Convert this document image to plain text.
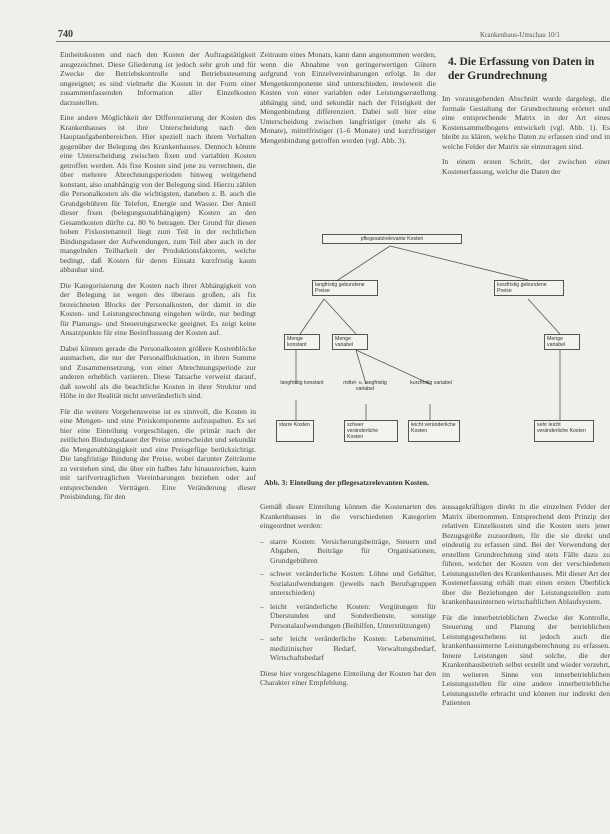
740	Krankenhaus-Umschau 10/1

Einheitskosten und nach den Kosten der Auftragstätigkeit ausgezeichnet. Diese Gliederung ist jedoch sehr grob und für Zwecke der Betriebskontrolle und Betriebssteuerung ungeeignet; es sind vielmehr die Kosten in der Form einer zusammenfassenden Information aller Einzelkosten darzustellen.

Eine andere Möglichkeit der Differenzierung der Kosten des Krankenhauses ist ihre Unterscheidung nach den Hauptaufgabenbereichen. Hier speziell nach ihrem Verhalten gegenüber der Belegung des Krankenhauses. Dennoch könnte eine Unterscheidung zwischen fixen und variablen Kosten getroffen werden. Als fixe Kosten sind jene zu verrechnen, die über mehrere Abrechnungsperioden hinweg weitgehend konstant, also unabhängig von der Belegung sind. Hierzu zählen die Personalkosten als die wichtigsten, daneben z. B. auch die Grundgebühren für Telefon, Energie und Wasser. Der Anteil dieser fixen (belegungsunabhängigen) Kosten an den Gesamtkosten dürfte ca. 80 % betragen. Der Grund für diesen hohen Fixkostenanteil liegt zum Teil in der rechtlichen Bindungsdauer der Aufwendungen, zum Teil aber auch in der mangelnden Teilbarkeit der Produktionsfaktoren, welche bedingt, daß Kosten für deren Einsatz kurzfristig kaum abbaubar sind.

Die Kategorisierung der Kosten nach ihrer Abhängigkeit von der Belegung ist wegen des überaus großen, als fix bezeichneten Blocks der Personalkosten, der damit in die Kosten- und Leistungsrechnung eingehen würde, nur bedingt für Planungs- und Steuerungszwecke geeignet. Es zeigt keine Ansatzpunkte für eine Beeinflussung der Kosten auf.

Dabei können gerade die Personalkosten größere Kostenblöcke ausmachen, die nur der Personalfluktuation, in ihren Summe und Zusammensetzung, von einer Abrechnungsperiode zur anderen erheblich variieren. Diese Tatsache verweist darauf, daß sowohl als die beachtliche Kosten in ihrer Struktur und Höhe in der Realität nicht unveränderlich sind.

Für die weitere Vorgehensweise ist es sinnvoll, die Kosten in eine Mengen- und eine Preiskomponente aufzuspalten. Es sei hier eine Einteilung vorgeschlagen, die primär nach der zeitlichen Bindungsdauer der Preise unterscheidet und sekundär die Mengenabhängigkeit und eine Preisgefüge berücksichtigt. Die langfristige Bindung der Preise, wobei darunter Zeiträume zu verstehen sind, die über ein halbes Jahr hinausreichen, kann mit tarifvertraglichen Vereinbarungen beziehen oder auf entsprechenden Verträgen. Eine Veränderung dieser Preisbindung, für den

Zeitraum eines Monats, kann dann angenommen werden, wenn die Abnahme von geringerwertigen Gütern aufgrund von Einzelvereinbarungen erfolgt. In der Mengenkomponente sind unterschieden, inwieweit die Kosten von einer variablen oder Leistungserstellung abhängig sind, und sekundär nach der Fristigkeit der Mengenbindung differenziert. Dabei soll hier eine Unterscheidung zwischen langfristiger (mehr als 6 Monate), mittelfristiger (1–6 Monate) und kurzfristiger Mengenbindung getroffen werden (vgl. Abb. 3).

4. Die Erfassung von Daten in der Grundrechnung

Im vorausgehenden Abschnitt wurde dargelegt, die formale Gestaltung der Grundrechnung erörtert und eine entsprechende Matrix in der Art eines Kostensammelbogens entwickelt (vgl. Abb. 1). Es bleibt zu klären, welche Daten zu erfassen sind und in welche Felder der Matrix sie einzutragen sind.

In einem ersten Schritt, der zwischen einer Kostenerfassung, welche die Daten der

pflegesatzrelevante Kosten
langfristig gebundene Preise
kurzfristig gebundene Preise
Menge konstant
Menge variabel
Menge variabel
langfristig konstant	mittel- u. langfristig variabel
kurzfristig variabel
starre Kosten	schwer veränderliche Kosten
leicht veränderliche Kosten
sehr leicht veränderliche Kosten
Abb. 3: Einteilung der pflegesatzrelevanten Kosten.

Gemäß dieser Einteilung können die Kostenarten des Krankenhauses in die verschiedenen Kategorien eingeordnet werden:

– starre Kosten: Versicherungsbeiträge, Steuern und Abgaben, Beiträge für Organisationen, Grundgebühren
– schwer veränderliche Kosten: Löhne und Gehälter, Sozialaufwendungen (jeweils nach Berufsgruppen unterschieden)
– leicht veränderliche Kosten: Vergütungen für Überstunden und Sonderdienste, sonstige Personalaufwendungen (Beihilfen, Unterstützungen)
– sehr leicht veränderliche Kosten: Lebensmittel, medizinischer Bedarf, Verwaltungsbedarf, Wirtschaftsbedarf

Diese hier vorgeschlagene Einteilung der Kosten hat den Charakter einer Empfehlung.

aussagekräftigen direkt in die einzelnen Felder der Matrix übernommen. Entsprechend dem Prinzip der relativen Einzelkosten sind die Kosten stets jener Bezugsgröße zuzuordnen, für die sie direkt und eindeutig zu erfassen sind. Bei der Verwendung der erstellten Grundrechnung sind stets Fälle dazu zu führen, welcher der Kosten von der verschiedenen Leistungsstellen des Krankenhauses. Mit dieser Art der Kostenerfassung erhält man einen ersten Überblick über die Beziehungen der Leistungsstellen zum krankenhausinternen wirtschaftlichen Ablaufsystem.

Für die innerbetrieblichen Zwecke der Kontrolle, Steuerung und Planung der betrieblichen Leistungsgeschehens ist jedoch auch die krankenhausinterne Leistungsberechnung zu erfassen. Innere Leistungen sind solche, die der Krankenhausbetrieb selbst erstellt und wieder verzehrt, im weiteren Sinne von innerbetrieblichen Leistungsstellen für eine andere innerbetriebliche Leistungsstelle erbracht und können nur indirekt den Patienten
